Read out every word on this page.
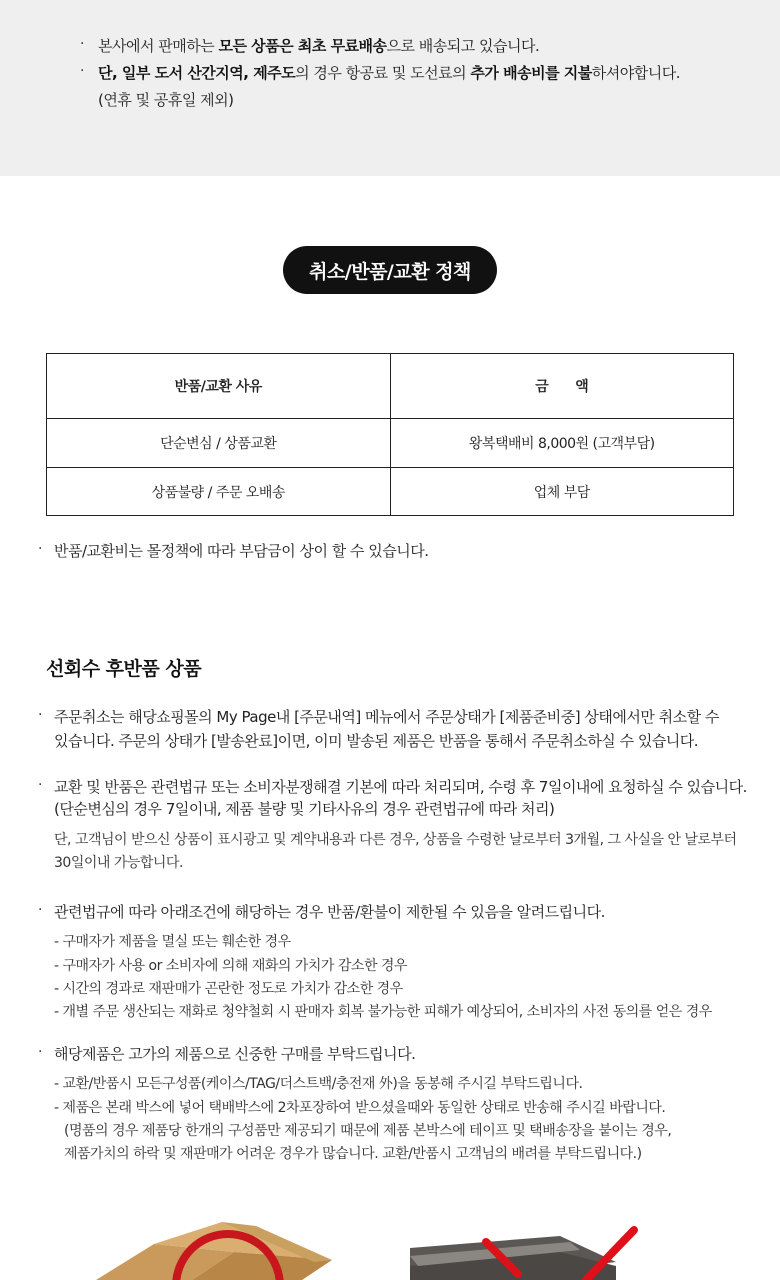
· 본사에서 판매하는 모든 상품은 최초 무료배송으로 배송되고 있습니다.
· 단, 일부 도서 산간지역, 제주도의 경우 항공료 및 도선료의 추가 배송비를 지불하셔야합니다.
(연휴 및 공휴일 제외)
취소/반품/교환 정책
반품/교환 사유	금　　액
단순변심 / 상품교환	왕복택배비 8,000원 (고객부담)
상품불량 / 주문 오배송	업체 부담
· 반품/교환비는 몰정책에 따라 부담금이 상이 할 수 있습니다.
선회수 후반품 상품
· 주문취소는 해당쇼핑몰의 My Page내 [주문내역] 메뉴에서 주문상태가 [제품준비중] 상태에서만 취소할 수
있습니다. 주문의 상태가 [발송완료]이면, 이미 발송된 제품은 반품을 통해서 주문취소하실 수 있습니다.
· 교환 및 반품은 관련법규 또는 소비자분쟁해결 기본에 따라 처리되며, 수령 후 7일이내에 요청하실 수 있습니다.
(단순변심의 경우 7일이내, 제품 불량 및 기타사유의 경우 관련법규에 따라 처리)
단, 고객님이 받으신 상품이 표시광고 및 계약내용과 다른 경우, 상품을 수령한 날로부터 3개월, 그 사실을 안 날로부터
30일이내 가능합니다.
· 관련법규에 따라 아래조건에 해당하는 경우 반품/환불이 제한될 수 있음을 알려드립니다.
- 구매자가 제품을 멸실 또는 훼손한 경우
- 구매자가 사용 or 소비자에 의해 재화의 가치가 감소한 경우
- 시간의 경과로 재판매가 곤란한 정도로 가치가 감소한 경우
- 개별 주문 생산되는 재화로 청약철회 시 판매자 회복 불가능한 피해가 예상되어, 소비자의 사전 동의를 얻은 경우
· 해당제품은 고가의 제품으로 신중한 구매를 부탁드립니다.
- 교환/반품시 모든구성품(케이스/TAG/더스트백/충전재 外)을 동봉해 주시길 부탁드립니다.
- 제품은 본래 박스에 넣어 택배박스에 2차포장하여 받으셨을때와 동일한 상태로 반송해 주시길 바랍니다.
(명품의 경우 제품당 한개의 구성품만 제공되기 때문에 제품 본박스에 테이프 및 택배송장을 붙이는 경우,
제품가치의 하락 및 재판매가 어려운 경우가 많습니다. 교환/반품시 고객님의 배려를 부탁드립니다.)
